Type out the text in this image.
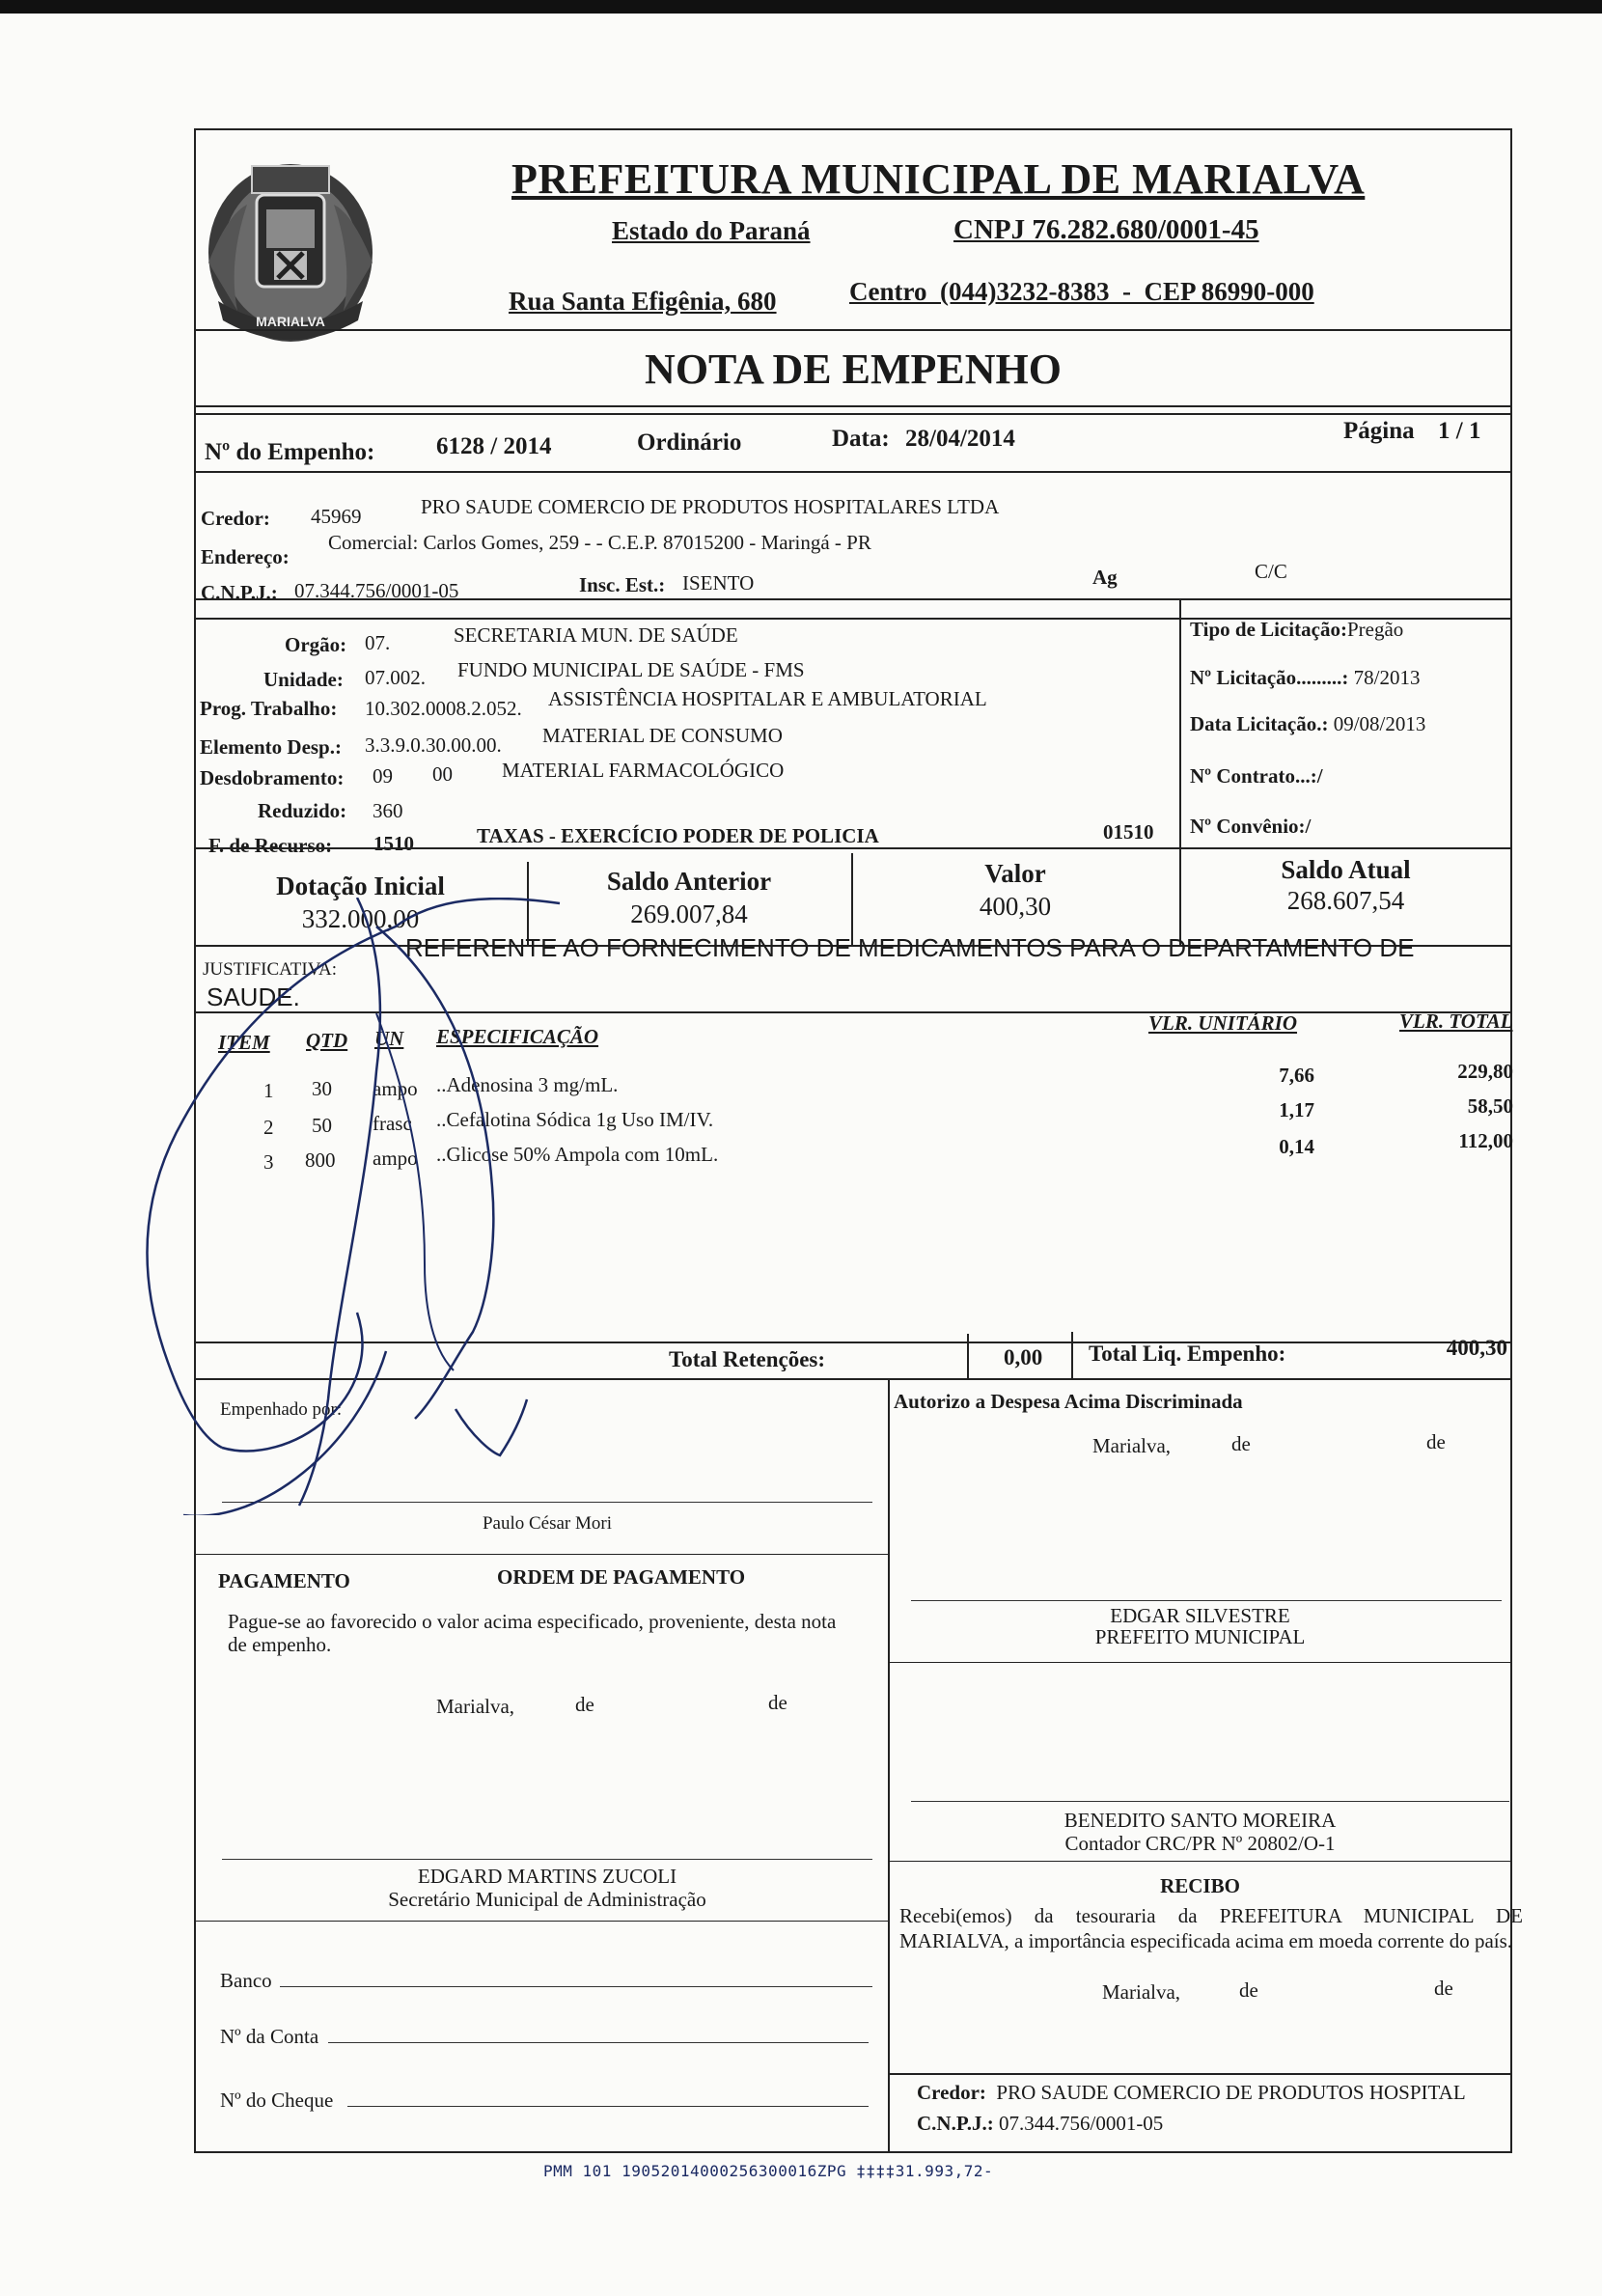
MARIALVA
PREFEITURA MUNICIPAL DE MARIALVA
Estado do Paraná	CNPJ 76.282.680/0001-45
Rua Santa Efigênia, 680	Centro  (044)3232-8383  -  CEP 86990-000
NOTA DE EMPENHO
Nº do Empenho:	6128 / 2014	Ordinário	Data: 28/04/2014	Página 1 / 1
Credor: 45969	PRO SAUDE COMERCIO DE PRODUTOS HOSPITALARES LTDA
Endereço:
Comercial: Carlos Gomes, 259 - - C.E.P. 87015200 - Maringá - PR
C.N.P.J.: 07.344.756/0001-05	Insc. Est.: ISENTO	Ag	C/C
Orgão: 07.	SECRETARIA MUN. DE SAÚDE
Unidade: 07.002. FUNDO MUNICIPAL DE SAÚDE - FMS
Prog. Trabalho: 10.302.0008.2.052. ASSISTÊNCIA HOSPITALAR E AMBULATORIAL
Elemento Desp.: 3.3.9.0.30.00.00. MATERIAL DE CONSUMO
Desdobramento: 09 00 MATERIAL FARMACOLÓGICO
Reduzido: 360
F. de Recurso: 1510	TAXAS - EXERCÍCIO PODER DE POLICIA	01510
Tipo de Licitação:Pregão
Nº Licitação.........: 78/2013
Data Licitação.: 09/08/2013
Nº Contrato...:/
Nº Convênio:/
Dotação Inicial
332.000,00
Saldo Anterior
269.007,84
Valor
400,30
Saldo Atual
268.607,54
JUSTIFICATIVA:
REFERENTE AO FORNECIMENTO DE MEDICAMENTOS PARA O DEPARTAMENTO DE
SAUDE.
ITEM QTD UN ESPECIFICAÇÃO
VLR. UNITÁRIO	VLR. TOTAL
1 30 ampo ..Adenosina 3 mg/mL.	7,66	229,80
2 50 frasc ..Cefalotina Sódica 1g Uso IM/IV.	1,17	58,50
3 800 ampo ..Glicose 50% Ampola com 10mL.	0,14	112,00
Total Retenções:	0,00 Total Liq. Empenho:	400,30
Empenhado por:
Paulo César Mori
PAGAMENTO	ORDEM DE PAGAMENTO
Pague-se ao favorecido o valor acima especificado, proveniente, desta nota de empenho.
Marialva,	de	de
EDGARD MARTINS ZUCOLI
Secretário Municipal de Administração
Banco
Nº da Conta
Nº do Cheque
Autorizo a Despesa Acima Discriminada
Marialva,	de	de
EDGAR SILVESTRE
PREFEITO MUNICIPAL
BENEDITO SANTO MOREIRA
Contador CRC/PR Nº 20802/O-1
RECIBO
Recebi(emos) da tesouraria da PREFEITURA MUNICIPAL DE MARIALVA, a importância especificada acima em moeda corrente do país.
Marialva,	de	de
Credor: PRO SAUDE COMERCIO DE PRODUTOS HOSPITAL
C.N.P.J.: 07.344.756/0001-05
PMM 101 19052014000256300016ZPG ‡‡‡‡31.993,72-
